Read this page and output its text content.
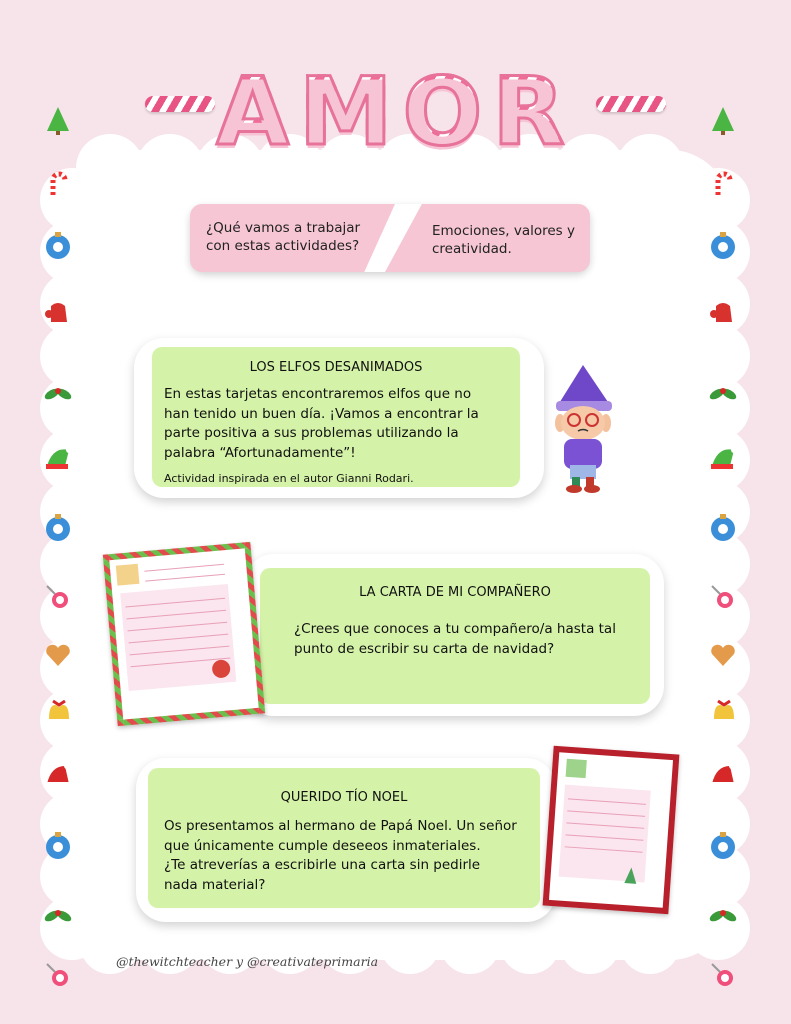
AMOR
¿Qué vamos a trabajar
con estas actividades?
Emociones, valores y
creatividad.
LOS ELFOS DESANIMADOS
En estas tarjetas encontraremos elfos que no
han tenido un buen día. ¡Vamos a encontrar la
parte positiva a sus problemas utilizando la
palabra “Afortunadamente”!
Actividad inspirada en el autor Gianni Rodari.
LA CARTA DE MI COMPAÑERO
¿Crees que conoces a tu compañero/a hasta tal
punto de escribir su carta de navidad?
QUERIDO TÍO NOEL
Os presentamos al hermano de Papá Noel. Un señor
que únicamente cumple deseeos inmateriales.
¿Te atreverías a escribirle una carta sin pedirle
nada material?
@thewitchteacher y @creativateprimaria
